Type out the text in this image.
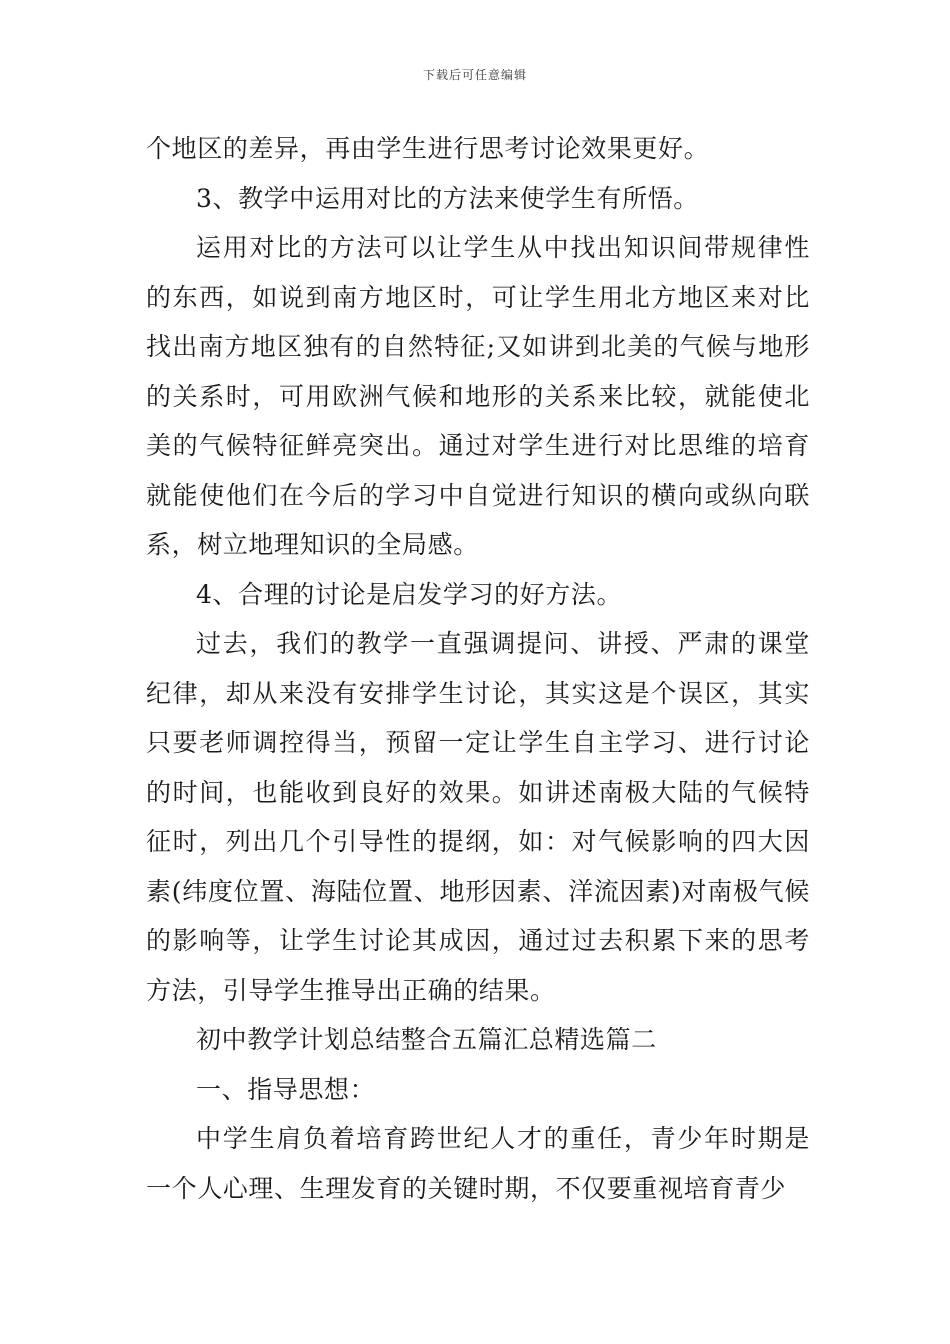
下载后可任意编辑

个地区的差异，再由学生进行思考讨论效果更好。

3、教学中运用对比的方法来使学生有所悟。

运用对比的方法可以让学生从中找出知识间带规律性的东西，如说到南方地区时，可让学生用北方地区来对比找出南方地区独有的自然特征;又如讲到北美的气候与地形的关系时，可用欧洲气候和地形的关系来比较，就能使北美的气候特征鲜亮突出。通过对学生进行对比思维的培育就能使他们在今后的学习中自觉进行知识的横向或纵向联系，树立地理知识的全局感。

4、合理的讨论是启发学习的好方法。

过去，我们的教学一直强调提问、讲授、严肃的课堂纪律，却从来没有安排学生讨论，其实这是个误区，其实只要老师调控得当，预留一定让学生自主学习、进行讨论的时间，也能收到良好的效果。如讲述南极大陆的气候特征时，列出几个引导性的提纲，如：对气候影响的四大因素(纬度位置、海陆位置、地形因素、洋流因素)对南极气候的影响等，让学生讨论其成因，通过过去积累下来的思考方法，引导学生推导出正确的结果。

初中教学计划总结整合五篇汇总精选篇二

一、指导思想：

中学生肩负着培育跨世纪人才的重任，青少年时期是一个人心理、生理发育的关键时期，不仅要重视培育青少
